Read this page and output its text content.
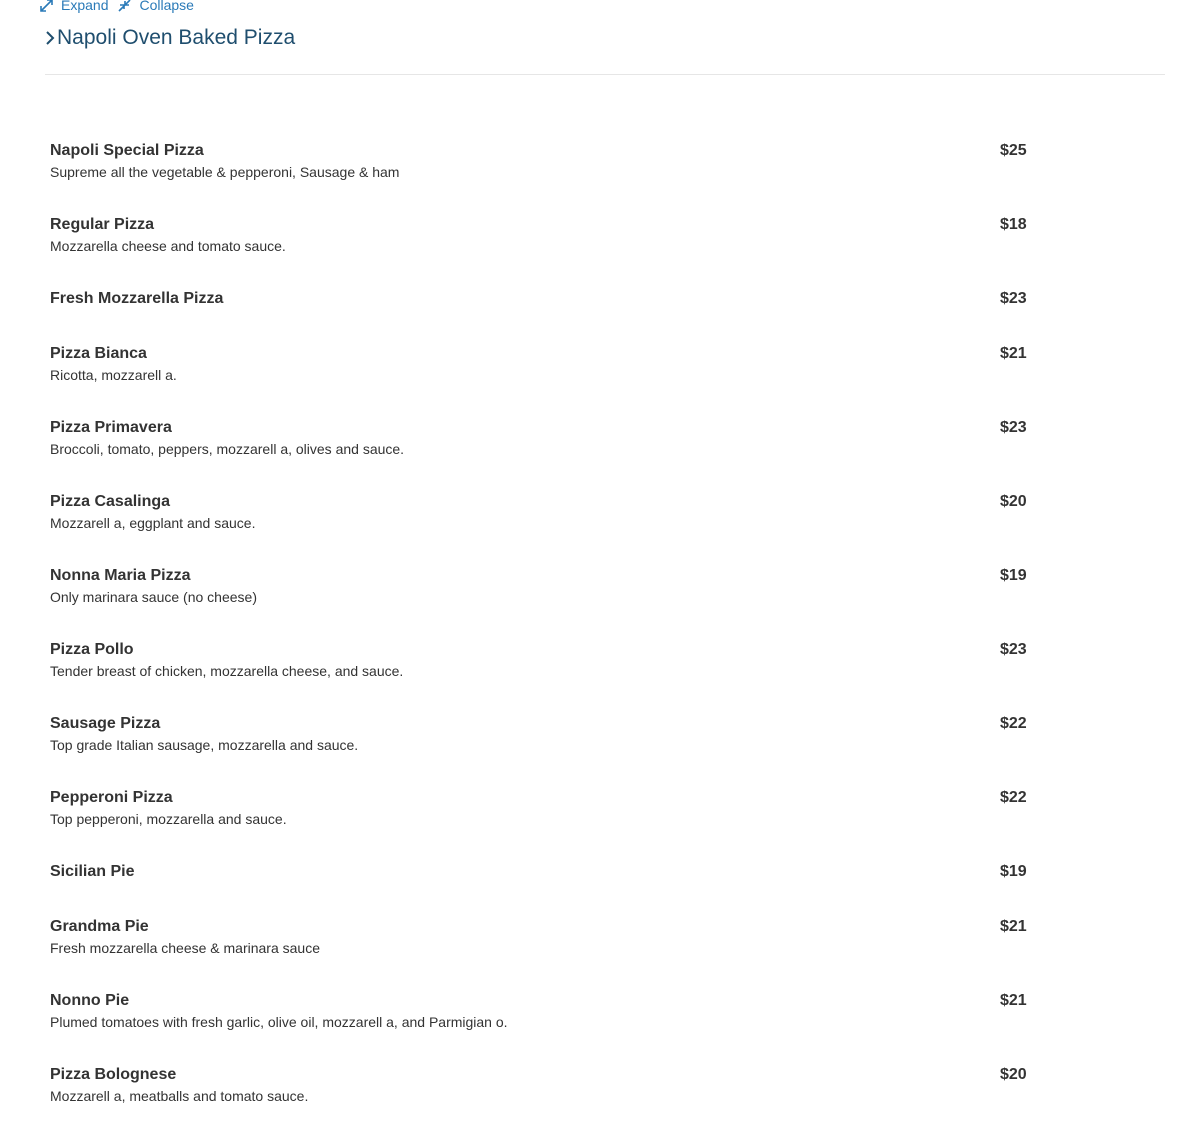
Expand Collapse
Napoli Oven Baked Pizza
Napoli Special Pizza
Supreme all the vegetable & pepperoni, Sausage & ham
$25
Regular Pizza
Mozzarella cheese and tomato sauce.
$18
Fresh Mozzarella Pizza	$23
Pizza Bianca
Ricotta, mozzarell a.
$21
Pizza Primavera
Broccoli, tomato, peppers, mozzarell a, olives and sauce.
$23
Pizza Casalinga
Mozzarell a, eggplant and sauce.
$20
Nonna Maria Pizza
Only marinara sauce (no cheese)
$19
Pizza Pollo
Tender breast of chicken, mozzarella cheese, and sauce.
$23
Sausage Pizza
Top grade Italian sausage, mozzarella and sauce.
$22
Pepperoni Pizza
Top pepperoni, mozzarella and sauce.
$22
Sicilian Pie	$19
Grandma Pie
Fresh mozzarella cheese & marinara sauce
$21
Nonno Pie
Plumed tomatoes with fresh garlic, olive oil, mozzarell a, and Parmigian o.
$21
Pizza Bolognese
Mozzarell a, meatballs and tomato sauce.
$20
